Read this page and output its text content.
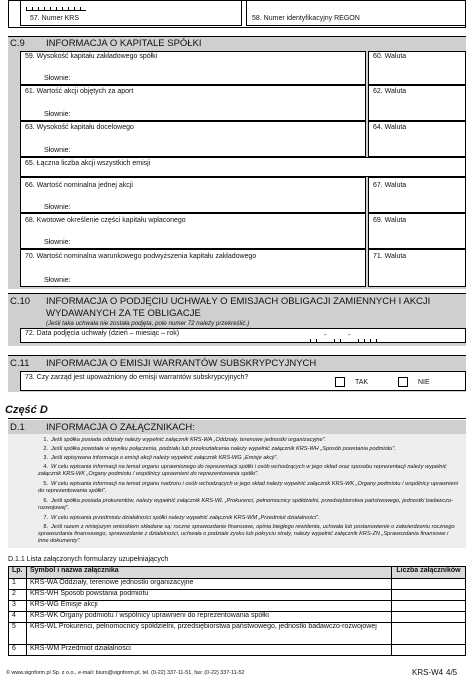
57. Numer KRS	58. Numer identyfikacyjny REGON
C.9 INFORMACJA O KAPITALE SPÓŁKI
59. Wysokość kapitału zakładowego spółki	60. Waluta
Słownie:
61. Wartość akcji objętych za aport	62. Waluta
Słownie:
63. Wysokość kapitału docelowego	64. Waluta
Słownie:
65. Łączna liczba akcji wszystkich emisji
66. Wartość nominalna jednej akcji	67. Waluta
Słownie:
68. Kwotowe określenie części kapitału wpłaconego	69. Waluta
Słownie:
70. Wartość nominalna warunkowego podwyższenia kapitału zakładowego	71. Waluta
Słownie:
C.10 INFORMACJA O PODJĘCIU UCHWAŁY O EMISJACH OBLIGACJI ZAMIENNYCH I AKCJI
WYDAWANYCH ZA TE OBLIGACJE
(Jeśli taka uchwała nie została podjęta, pole numer 72 należy przekreślić.)
72. Data podjęcia uchwały (dzień – miesiąc – rok)	-	-
C.11 INFORMACJA O EMISJI WARRANTÓW SUBSKRYPCYJNYCH
73. Czy zarząd jest upoważniony do emisji warrantów subskrypcyjnych?
TAK	NIE
Część D
D.1 INFORMACJA O ZAŁĄCZNIKACH:
1. Jeśli spółka posiada oddziały należy wypełnić załącznik KRS-WA „Oddziały, terenowe jednostki organizacyjne”.
2. Jeśli spółka powstała w wyniku połączenia, podziału lub przekształcenia należy wypełnić załącznik KRS-WH „Sposób powstania podmiotu”.
3. Jeśli wpisywana informacja o emisji akcji należy wypełnić załącznik KRS-WG „Emisje akcji”.
4. W celu wpisania informacji na temat organu uprawnionego do reprezentacji spółki i osób wchodzących w jego skład oraz sposobu reprezentacji należy wypełnić załącznik KRS-WK „Organy podmiotu / wspólnicy uprawnieni do reprezentowania spółki”.
5. W celu wpisania informacji na temat organu nadzoru i osób wchodzących w jego skład należy wypełnić załącznik KRS-WK „Organy podmiotu / wspólnicy uprawnieni do reprezentowania spółki”.
6. Jeśli spółka posiada prokurentów, należy wypełnić załącznik KRS-WL „Prokurenci, pełnomocnicy spółdzielni, przedsiębiorstwa państwowego, jednostki badawczo-rozwojowej”.
7. W celu wpisania przedmiotu działalności spółki należy wypełnić załącznik KRS-WM „Przedmiot działalności”.
8. Jeśli razem z niniejszym wnioskiem składane są: roczne sprawozdanie finansowe, opinia biegłego rewidenta, uchwała lub postanowienie o zatwierdzeniu rocznego sprawozdania finansowego, sprawozdanie z działalności, uchwała o podziale zysku lub pokryciu straty, należy wypełnić załącznik KRS-ZN „Sprawozdania finansowe i inne dokumenty”.
D.1.1 Lista załączonych formularzy uzupełniających
Lp.	Symbol i nazwa załącznika	Liczba załączników
1	KRS-WA Oddziały, terenowe jednostki organizacyjne	
2	KRS-WH Sposób powstania podmiotu	
3	KRS-WG Emisje akcji	
4	KRS-WK Organy podmiotu / wspólnicy uprawnieni do reprezentowania spółki	
5	KRS-WL Prokurenci, pełnomocnicy spółdzielni, przedsiębiorstwa państwowego, jednostki badawczo-rozwojowej	
6	KRS-WM Przedmiot działalności	
© www.signform.pl Sp. z o.o., e-mail: biuro@signform.pl, tel. (0-22) 337-11-51, fax: (0-22) 337-11-52	KRS-W4 4/5
